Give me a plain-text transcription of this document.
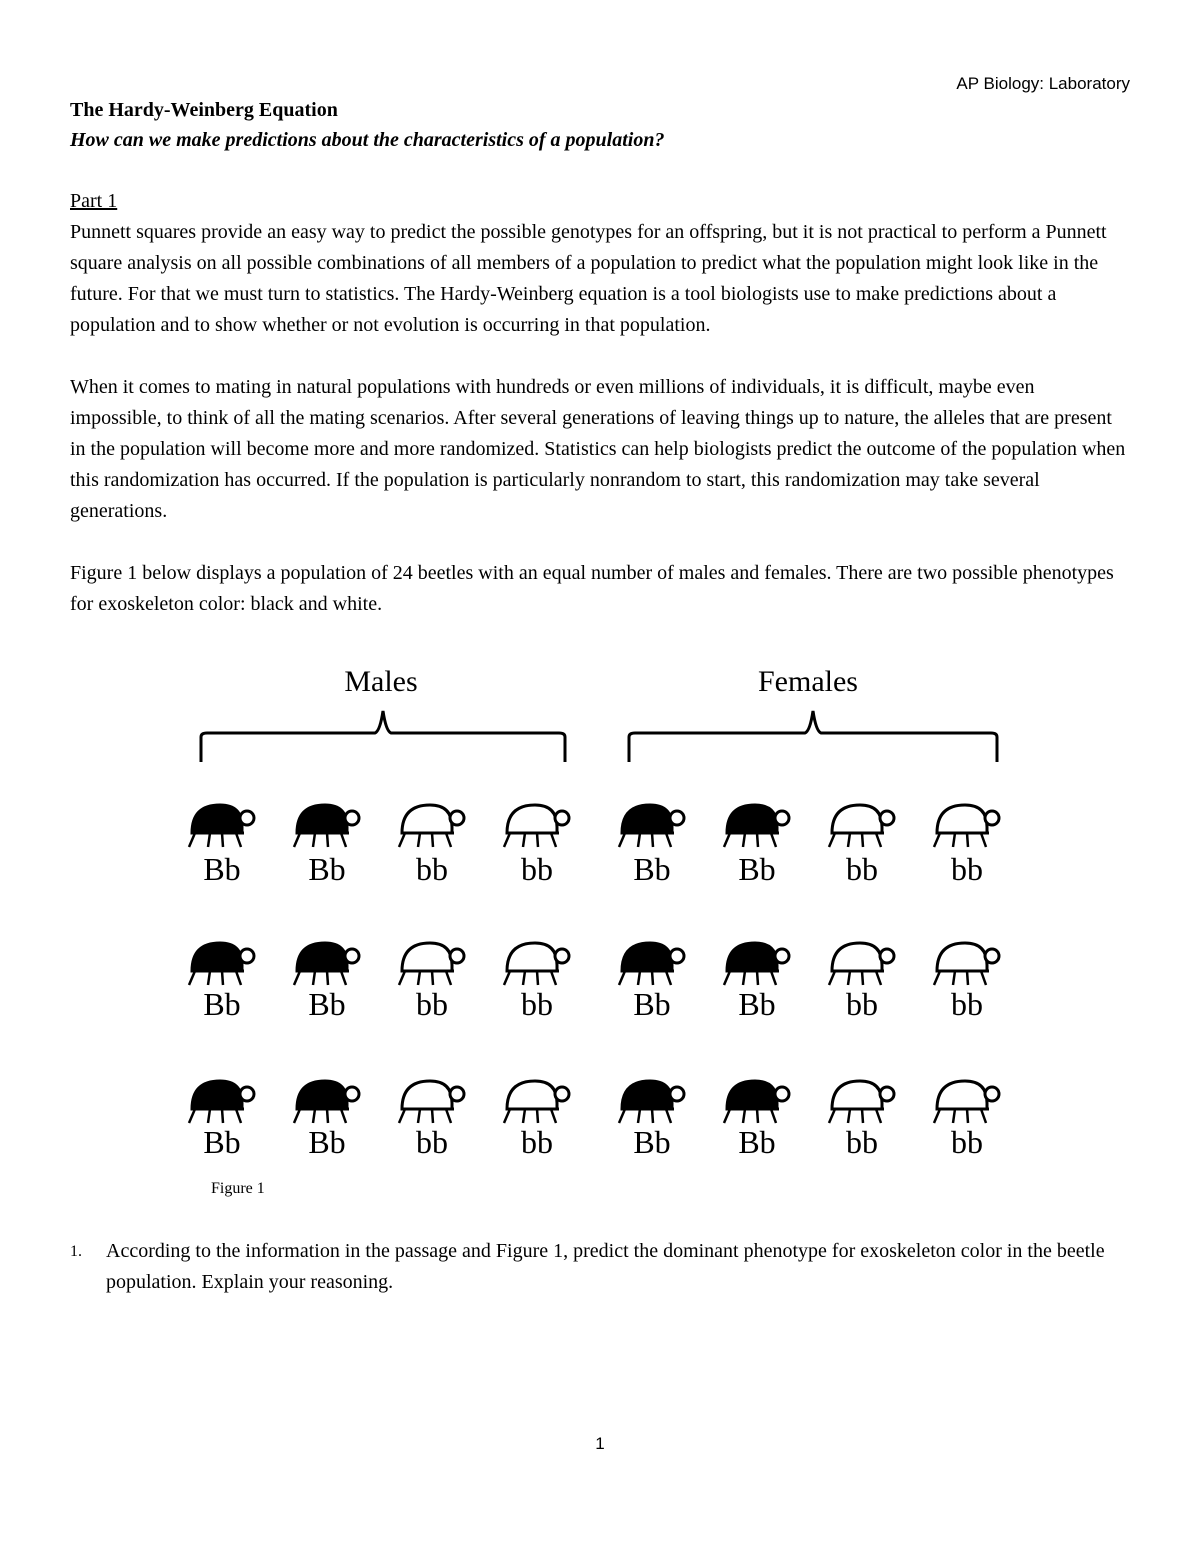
AP Biology: Laboratory
The Hardy-Weinberg Equation
How can we make predictions about the characteristics of a population?
Part 1

Punnett squares provide an easy way to predict the possible genotypes for an offspring, but it is not practical to perform a Punnett square analysis on all possible combinations of all members of a population to predict what the population might look like in the future. For that we must turn to statistics. The Hardy-Weinberg equation is a tool biologists use to make predictions about a population and to show whether or not evolution is occurring in that population.

When it comes to mating in natural populations with hundreds or even millions of individuals, it is difficult, maybe even impossible, to think of all the mating scenarios. After several generations of leaving things up to nature, the alleles that are present in the population will become more and more randomized. Statistics can help biologists predict the outcome of the population when this randomization has occurred. If the population is particularly nonrandom to start, this randomization may take several generations.

Figure 1 below displays a population of 24 beetles with an equal number of males and females. There are two possible phenotypes for exoskeleton color: black and white.

Males
Bb Bb bb bb
Bb Bb bb bb
Bb Bb bb bb
Females
Bb Bb bb bb
Bb Bb bb bb
Bb Bb bb bb
Figure 1
1. According to the information in the passage and Figure 1, predict the dominant phenotype for exoskeleton color in the beetle population. Explain your reasoning.
1
